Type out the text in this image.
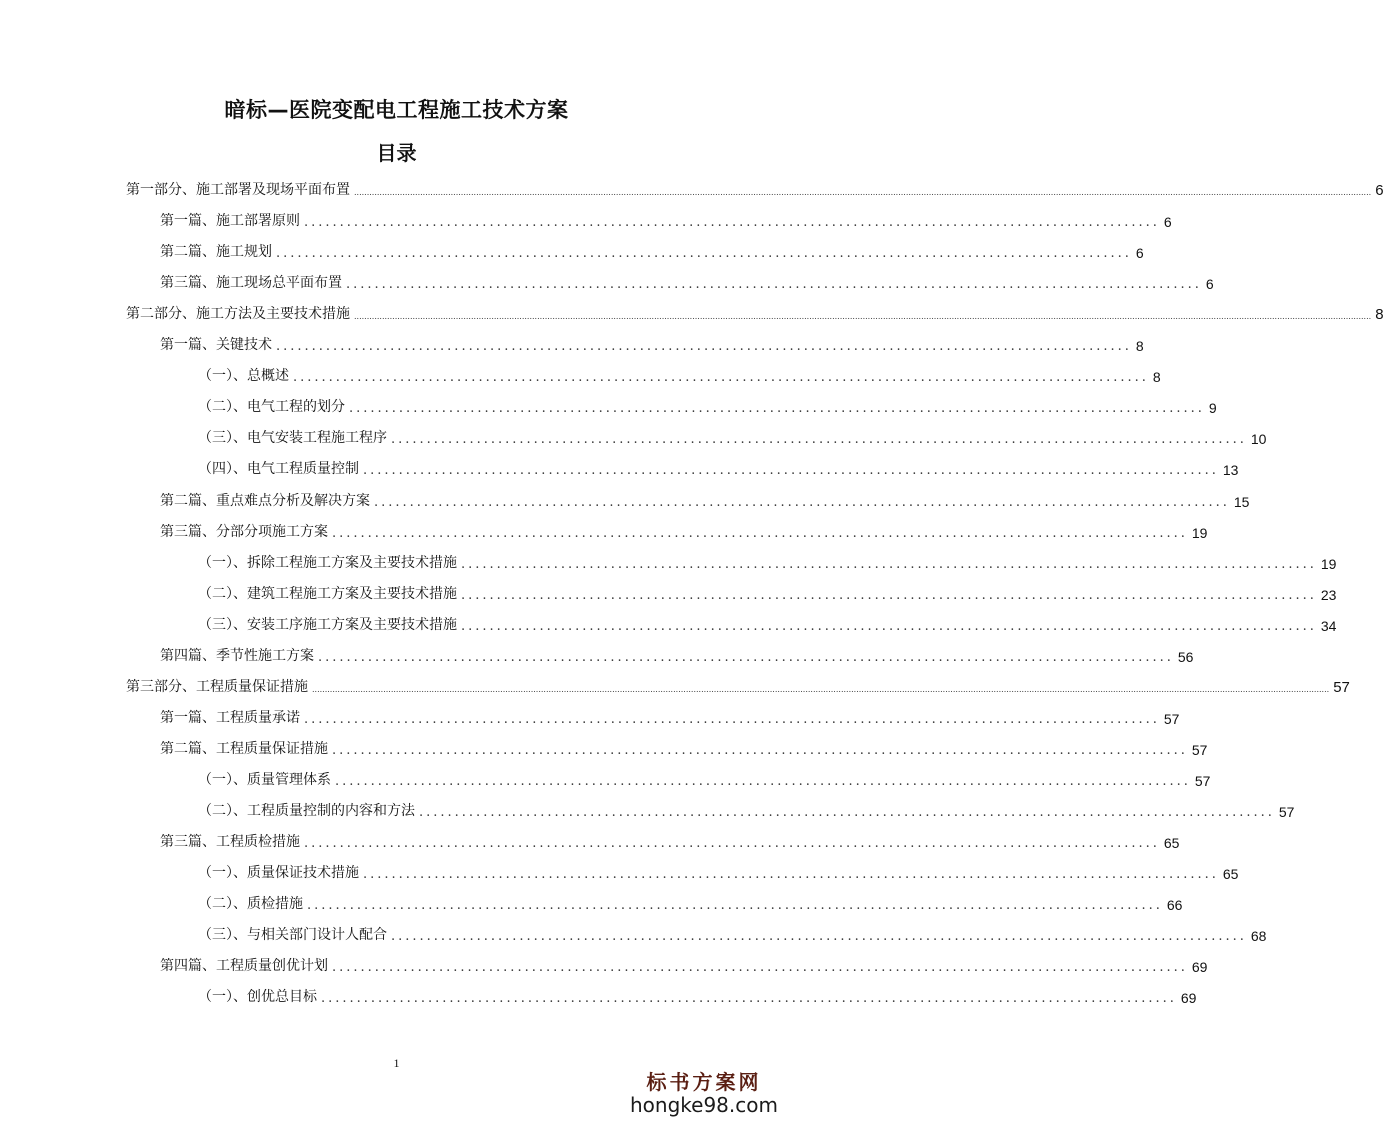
暗标—医院变配电工程施工技术方案
目录
第一部分、施工部署及现场平面布置 ................................................................................................................................................................................................................................................................................................................................................................................................................ 6
第一篇、施工部署原则 ........................................................................................................................ 6
第二篇、施工规划 ........................................................................................................................ 6
第三篇、施工现场总平面布置 ........................................................................................................................ 6
第二部分、施工方法及主要技术措施 ................................................................................................................................................................................................................................................................................................................................................................................................................ 8
第一篇、关键技术 ........................................................................................................................ 8
（一）、总概述 ........................................................................................................................ 8
（二）、电气工程的划分 ........................................................................................................................ 9
（三）、电气安装工程施工程序 ........................................................................................................................ 10
（四）、电气工程质量控制 ........................................................................................................................ 13
第二篇、重点难点分析及解决方案 ........................................................................................................................ 15
第三篇、分部分项施工方案 ........................................................................................................................ 19
（一）、拆除工程施工方案及主要技术措施 ........................................................................................................................ 19
（二）、建筑工程施工方案及主要技术措施 ........................................................................................................................ 23
（三）、安装工序施工方案及主要技术措施 ........................................................................................................................ 34
第四篇、季节性施工方案 ........................................................................................................................ 56
第三部分、工程质量保证措施 ................................................................................................................................................................................................................................................................................................................................................................................................................ 57
第一篇、工程质量承诺 ........................................................................................................................ 57
第二篇、工程质量保证措施 ........................................................................................................................ 57
（一）、质量管理体系 ........................................................................................................................ 57
（二）、工程质量控制的内容和方法 ........................................................................................................................ 57
第三篇、工程质检措施 ........................................................................................................................ 65
（一）、质量保证技术措施 ........................................................................................................................ 65
（二）、质检措施 ........................................................................................................................ 66
（三）、与相关部门设计人配合 ........................................................................................................................ 68
第四篇、工程质量创优计划 ........................................................................................................................ 69
（一）、创优总目标 ........................................................................................................................ 69
1
标书方案网
hongke98.com
